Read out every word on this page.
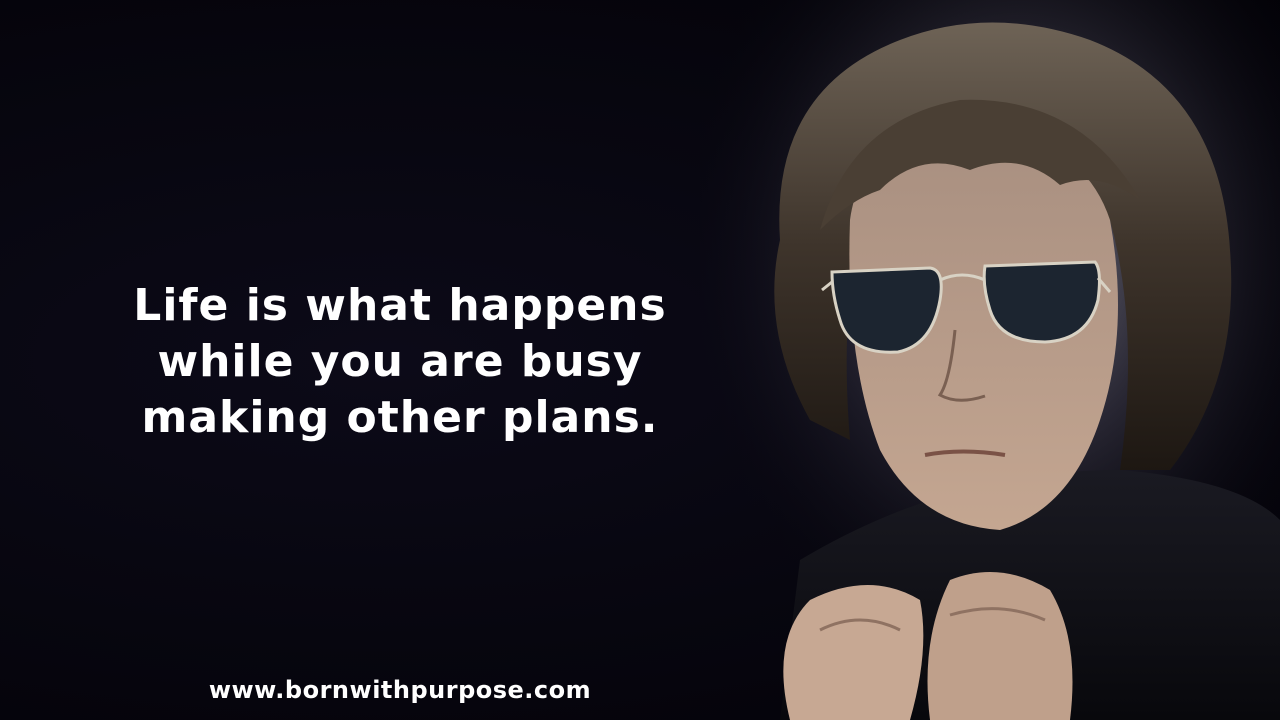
Life is what happens
while you are busy
making other plans.
www.bornwithpurpose.com
